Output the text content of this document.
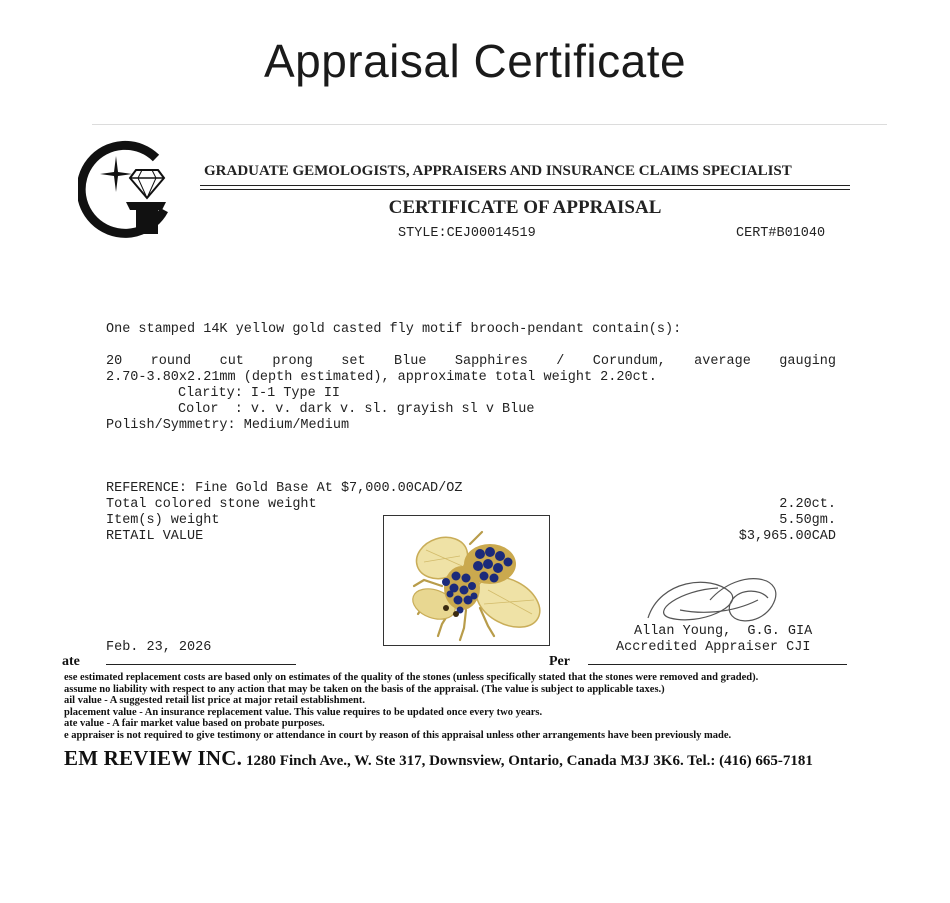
Appraisal Certificate
GRADUATE GEMOLOGISTS, APPRAISERS AND INSURANCE CLAIMS SPECIALIST
CERTIFICATE OF APPRAISAL
STYLE:CEJ00014519	CERT#B01040
One stamped 14K yellow gold casted fly motif brooch-pendant contain(s):
20 round cut prong set Blue Sapphires / Corundum, average gauging
2.70-3.80x2.21mm (depth estimated), approximate total weight 2.20ct.
Clarity: I-1 Type II
Color  : v. v. dark v. sl. grayish sl v Blue
Polish/Symmetry: Medium/Medium
REFERENCE: Fine Gold Base At $7,000.00CAD/OZ
Total colored stone weight
Item(s) weight
RETAIL VALUE
2.20ct.
5.50gm.
$3,965.00CAD
Allan Young,  G.G. GIA
Accredited Appraiser CJI
Feb. 23, 2026
ate	Per
ese estimated replacement costs are based only on estimates of the quality of the stones (unless specifically stated that the stones were removed and graded).
assume no liability with respect to any action that may be taken on the basis of the appraisal. (The value is subject to applicable taxes.)
ail value - A suggested retail list price at major retail establishment.
placement value - An insurance replacement value. This value requires to be updated once every two years.
ate value - A fair market value based on probate purposes.
e appraiser is not required to give testimony or attendance in court by reason of this appraisal unless other arrangements have been previously made.
EM REVIEW INC. 1280 Finch Ave., W. Ste 317, Downsview, Ontario, Canada M3J 3K6. Tel.: (416) 665-7181
